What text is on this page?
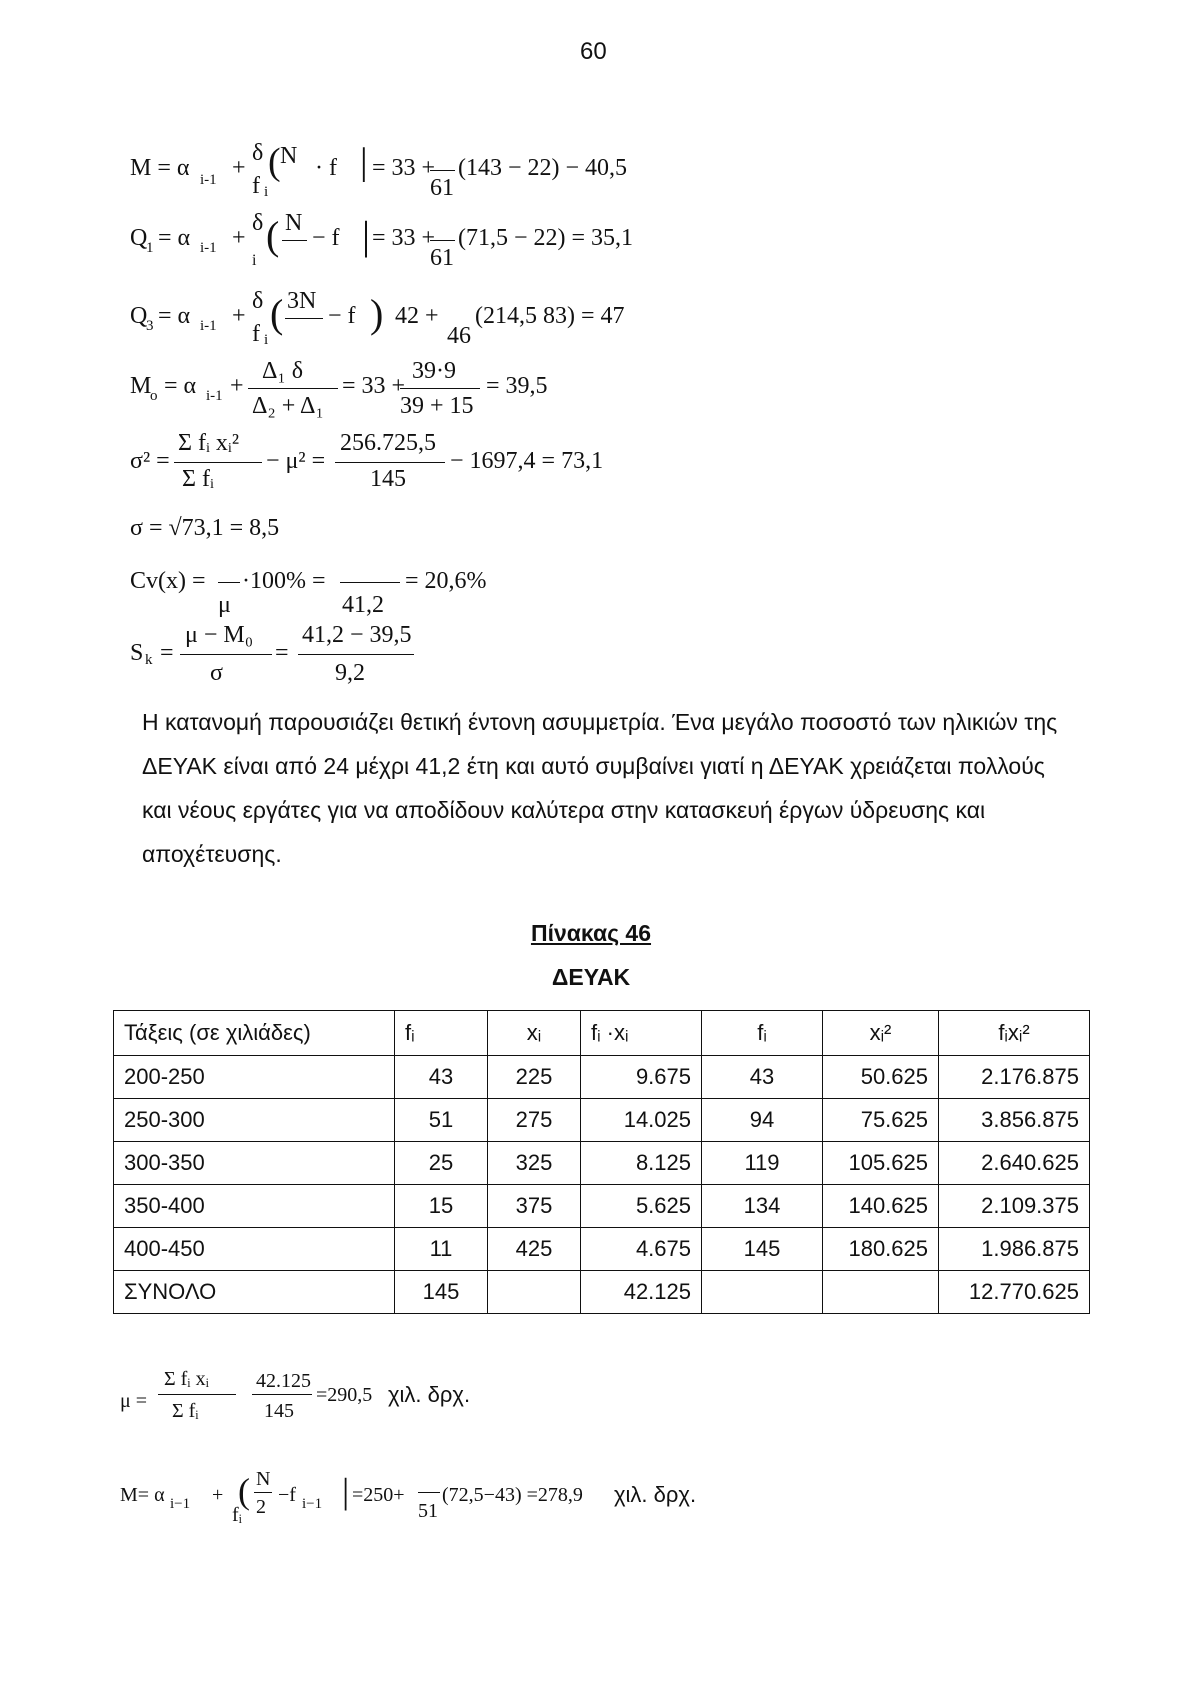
60
M = α i-1 +
δ
f i
( N · f | = 33 +
61
(143 − 22) − 40,5
Q
1 = α i-1 +
δ
i
( N
− f | = 33 +
61
(71,5 − 22) = 35,1
Q
3 = α i-1 +
δ
f i
( 3N
− f ) 42 +
46
(214,5 83) = 47
M
o = α i-1 +
Δ₁ δ
Δ₂ + Δ₁
= 33 +
39·9
39 + 15
= 39,5
σ² =
Σ fᵢ xᵢ²
Σ fᵢ
− μ² =
256.725,5
145
− 1697,4 = 73,1
σ = √73,1 = 8,5
Cv(x) =
μ
·100% =
41,2
= 20,6%
S k =
μ − M₀
σ
=
41,2 − 39,5
9,2
Η κατανομή παρουσιάζει θετική έντονη ασυμμετρία. Ένα μεγάλο ποσοστό των ηλικιών της ΔΕΥΑΚ είναι από 24 μέχρι 41,2 έτη και αυτό συμβαίνει γιατί η ΔΕΥΑΚ χρειάζεται πολλούς και νέους εργάτες για να αποδίδουν καλύτερα στην κατασκευή έργων ύδρευσης και αποχέτευσης.
Πίνακας 46
ΔΕΥΑΚ
Τάξεις (σε χιλιάδες)	fᵢ	xᵢ	fᵢ ·xᵢ	fᵢ	xᵢ²	fᵢxᵢ²
200-250	43	225	9.675	43	50.625	2.176.875
250-300	51	275	14.025	94	75.625	3.856.875
300-350	25	325	8.125	119	105.625	2.640.625
350-400	15	375	5.625	134	140.625	2.109.375
400-450	11	425	4.675	145	180.625	1.986.875
ΣΥΝΟΛΟ	145		42.125			12.770.625
μ =
Σ fᵢ xᵢ
Σ fᵢ
42.125
145
=290,5 χιλ. δρχ.
M= α i−1 +
fᵢ
( N
2
−f i−1 | =250+
51
(72,5−43) =278,9 χιλ. δρχ.
